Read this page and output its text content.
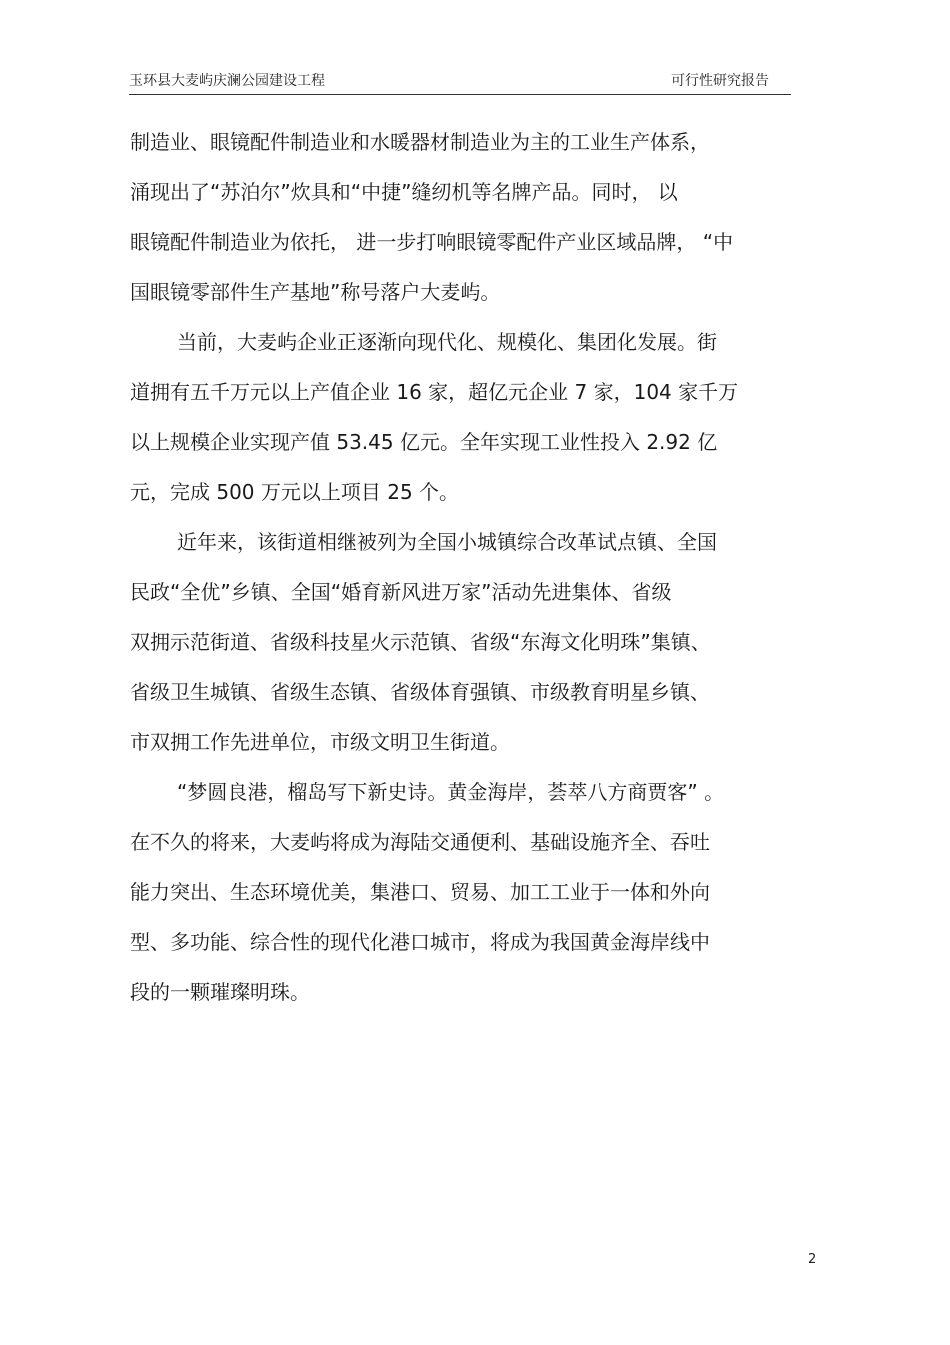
玉环县大麦屿庆澜公园建设工程	可行性研究报告
制造业、眼镜配件制造业和水暖器材制造业为主的工业生产体系，
涌现出了“苏泊尔”炊具和“中捷”缝纫机等名牌产品。同时， 以
眼镜配件制造业为依托， 进一步打响眼镜零配件产业区域品牌， “中
国眼镜零部件生产基地”称号落户大麦屿。
当前，大麦屿企业正逐渐向现代化、规模化、集团化发展。街
道拥有五千万元以上产值企业 16 家，超亿元企业 7 家，104 家千万
以上规模企业实现产值 53.45 亿元。全年实现工业性投入 2.92 亿
元，完成 500 万元以上项目 25 个。
近年来，该街道相继被列为全国小城镇综合改革试点镇、全国
民政“全优”乡镇、全国“婚育新风进万家”活动先进集体、省级
双拥示范街道、省级科技星火示范镇、省级“东海文化明珠”集镇、
省级卫生城镇、省级生态镇、省级体育强镇、市级教育明星乡镇、
市双拥工作先进单位，市级文明卫生街道。
“梦圆良港，榴岛写下新史诗。黄金海岸，荟萃八方商贾客” 。
在不久的将来，大麦屿将成为海陆交通便利、基础设施齐全、吞吐
能力突出、生态环境优美，集港口、贸易、加工工业于一体和外向
型、多功能、综合性的现代化港口城市，将成为我国黄金海岸线中
段的一颗璀璨明珠。
2
